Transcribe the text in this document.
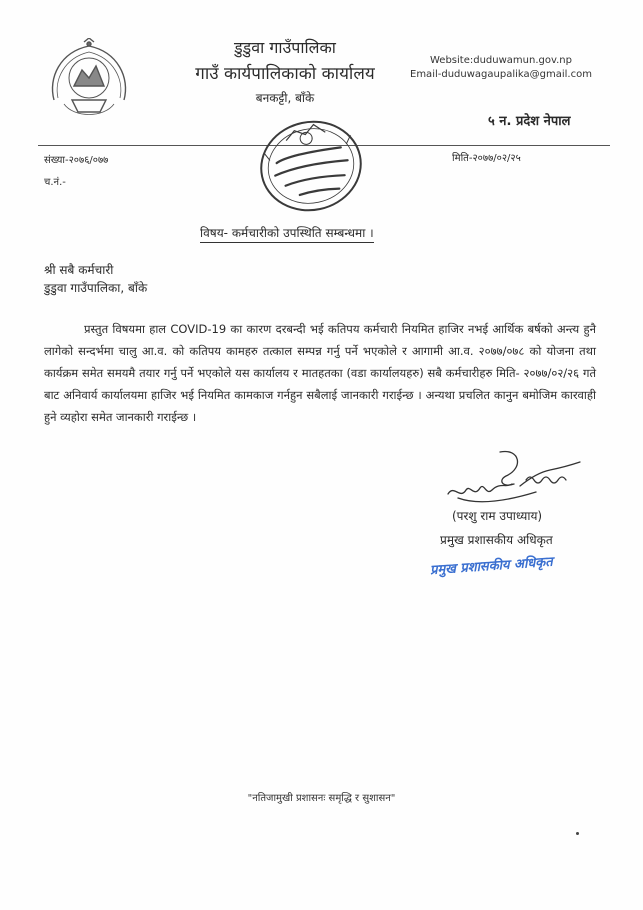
डुडुवा गाउँपालिका
गाउँ कार्यपालिकाको कार्यालय
बनकट्टी, बाँके
Website:duduwamun.gov.np
Email-duduwagaupalika@gmail.com
५ न. प्रदेश नेपाल
संख्या-२०७६/०७७
च.नं.-
मिति-२०७७/०२/२५
विषय- कर्मचारीको उपस्थिति सम्बन्धमा ।
श्री सबै कर्मचारी
डुडुवा गाउँपालिका, बाँके
प्रस्तुत विषयमा हाल COVID-19 का कारण दरबन्दी भई कतिपय कर्मचारी नियमित हाजिर नभई आर्थिक बर्षको अन्त्य हुनै लागेको सन्दर्भमा चालु आ.व. को कतिपय कामहरु तत्काल सम्पन्न गर्नु पर्ने भएकोले र आगामी आ.व. २०७७/०७८ को योजना तथा कार्यक्रम समेत समयमै तयार गर्नु पर्ने भएकोले यस कार्यालय र मातहतका (वडा कार्यालयहरु) सबै कर्मचारीहरु मिति- २०७७/०२/२६ गते बाट अनिवार्य कार्यालयमा हाजिर भई नियमित कामकाज गर्नहुन सबैलाई जानकारी गराईन्छ । अन्यथा प्रचलित कानुन बमोजिम कारवाही हुने व्यहोरा समेत जानकारी गराईन्छ ।
(परशु राम उपाध्याय)
प्रमुख प्रशासकीय अधिकृत
प्रमुख प्रशासकीय अधिकृत
"नतिजामुखी प्रशासनः समृद्धि र सुशासन"
